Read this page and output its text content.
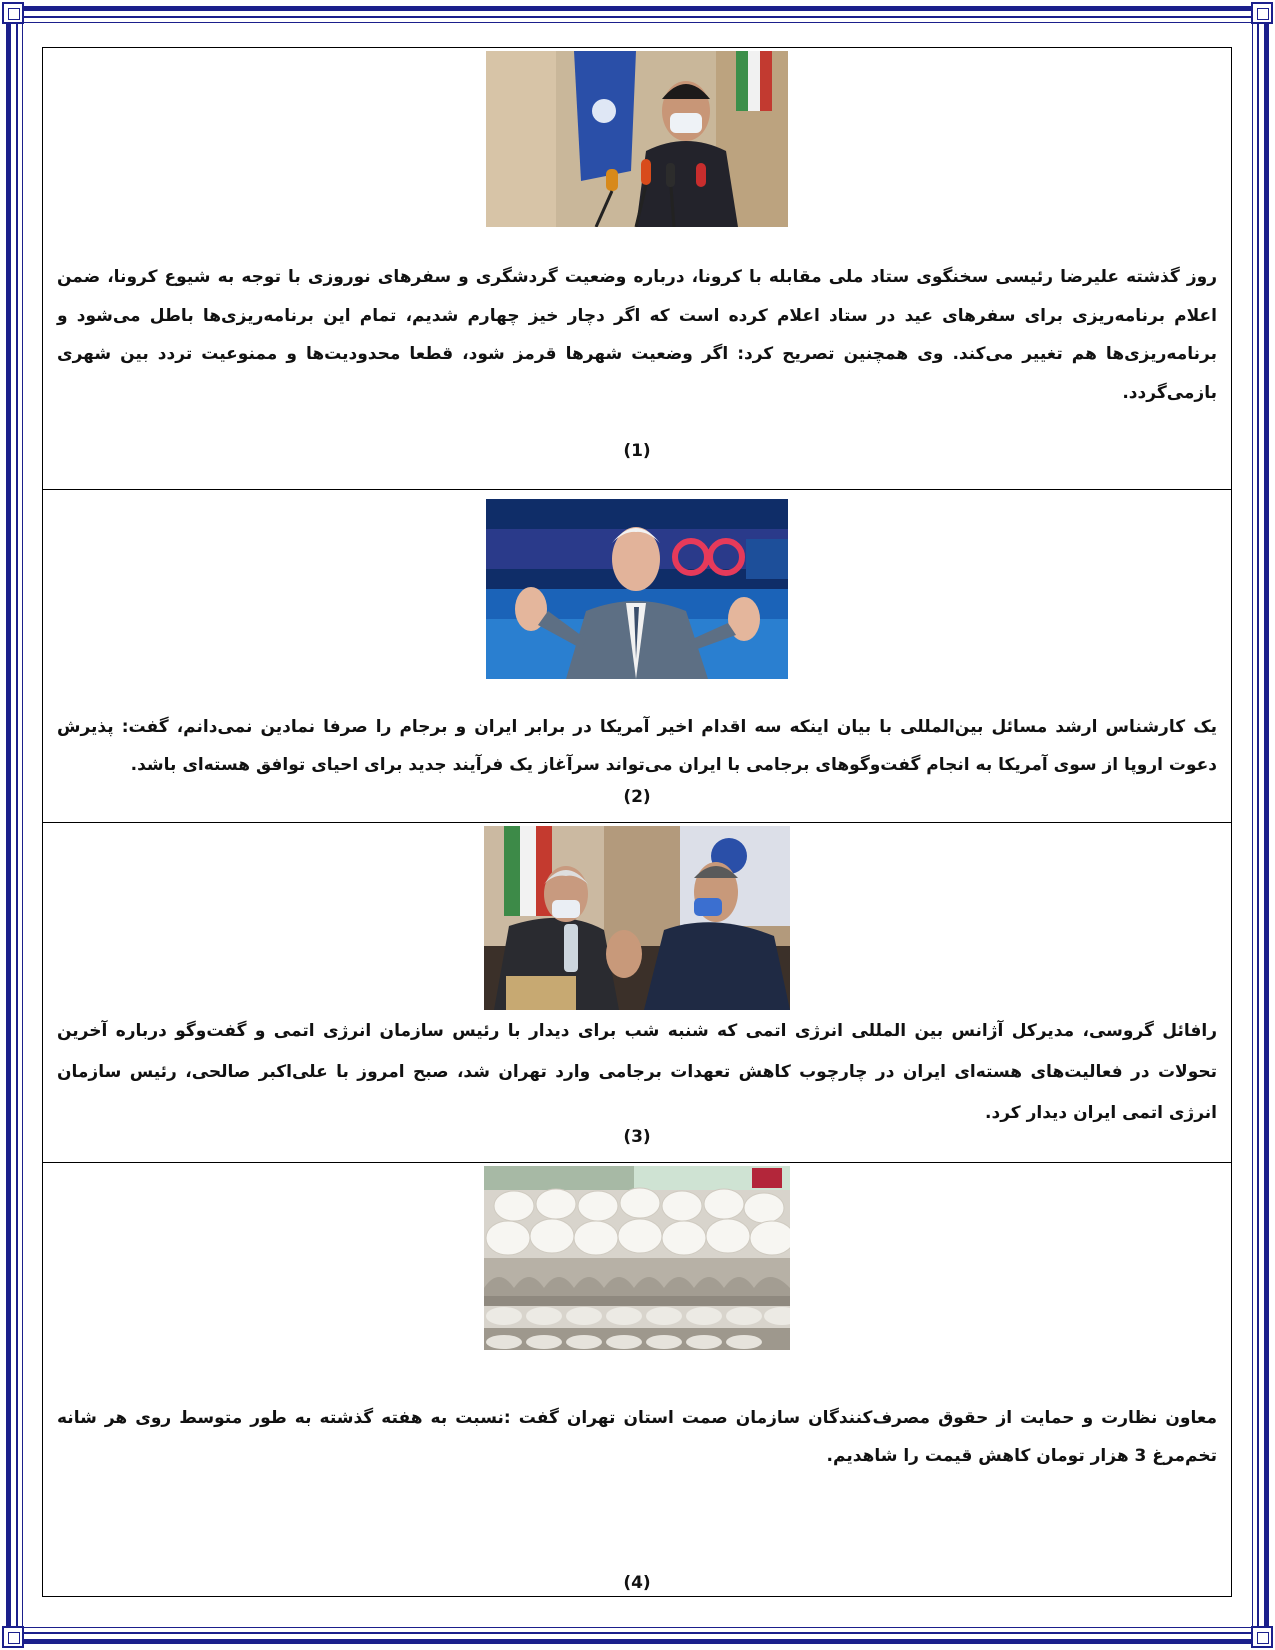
روز گذشته علیرضا رئیسی سخنگوی ستاد ملی مقابله با کرونا، درباره وضعیت گردشگری و سفرهای نوروزی با توجه به شیوع کرونا، ضمن اعلام برنامه‌ریزی برای سفرهای عید در ستاد اعلام کرده است که اگر دچار خیز چهارم شدیم، تمام این برنامه‌ریزی‌ها باطل می‌شود و برنامه‌ریزی‌ها هم تغییر می‌کند. وی همچنین تصریح کرد: اگر وضعیت شهرها قرمز شود، قطعا محدودیت‌ها و ممنوعیت تردد بین شهری بازمی‌گردد.
(1)
یک کارشناس ارشد مسائل بین‌المللی با بیان اینکه سه اقدام اخیر آمریکا در برابر ایران و برجام را صرفا نمادین نمی‌دانم، گفت: پذیرش دعوت اروپا از سوی آمریکا به انجام گفت‌وگوهای برجامی با ایران می‌تواند سرآغاز یک فرآیند جدید برای احیای توافق هسته‌ای باشد.
(2)
رافائل گروسی، مدیرکل آژانس بین المللی انرژی اتمی که شنبه شب برای دیدار با رئیس سازمان انرژی اتمی و گفت‌وگو درباره آخرین تحولات در فعالیت‌های هسته‌ای ایران در چارچوب کاهش تعهدات برجامی وارد تهران شد، صبح امروز با علی‌اکبر صالحی، رئیس سازمان انرژی اتمی ایران دیدار کرد.
(3)
معاون نظارت و حمایت از حقوق مصرف‌کنندگان سازمان صمت استان تهران گفت :نسبت به هفته گذشته به طور متوسط روی هر شانه تخم‌مرغ 3 هزار تومان کاهش قیمت را شاهدیم.
(4)
